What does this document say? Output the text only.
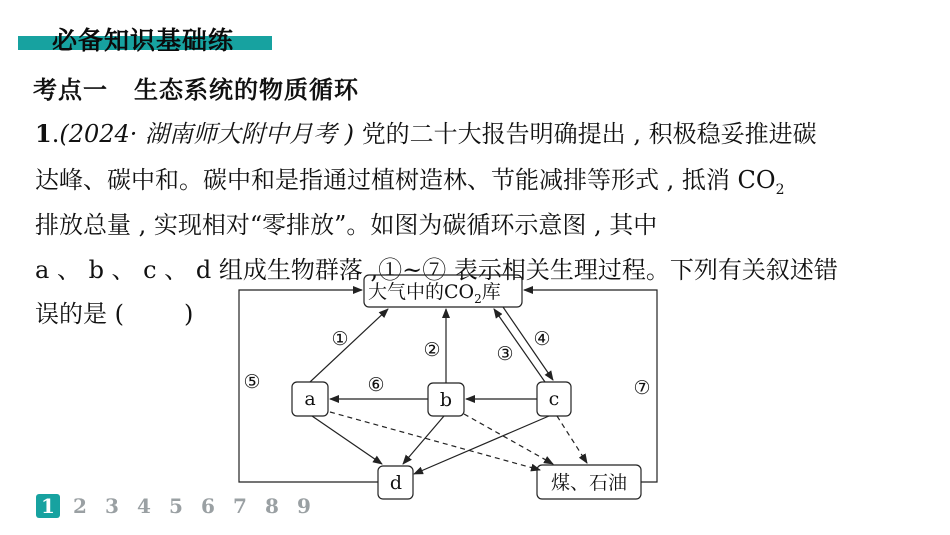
必备知识基础练
考点一 生态系统的物质循环
1.(2024· 湖南师大附中月考 ) 党的二十大报告明确提出 , 积极稳妥推进碳
达峰、碳中和。碳中和是指通过植树造林、节能减排等形式 , 抵消 $CO_2$
排放总量 , 实现相对“零排放”。如图为碳循环示意图 , 其中
a 、 b 、 c 、 d 组成生物群落 ,①~⑦ 表示相关生理过程。下列有关叙述错
误的是 (	)
大气中的$CO_2$库
a	b	c
d	煤、石油
①	②	③
④
⑤	⑥	⑦
1 2 3 4 5 6 7 8 9
